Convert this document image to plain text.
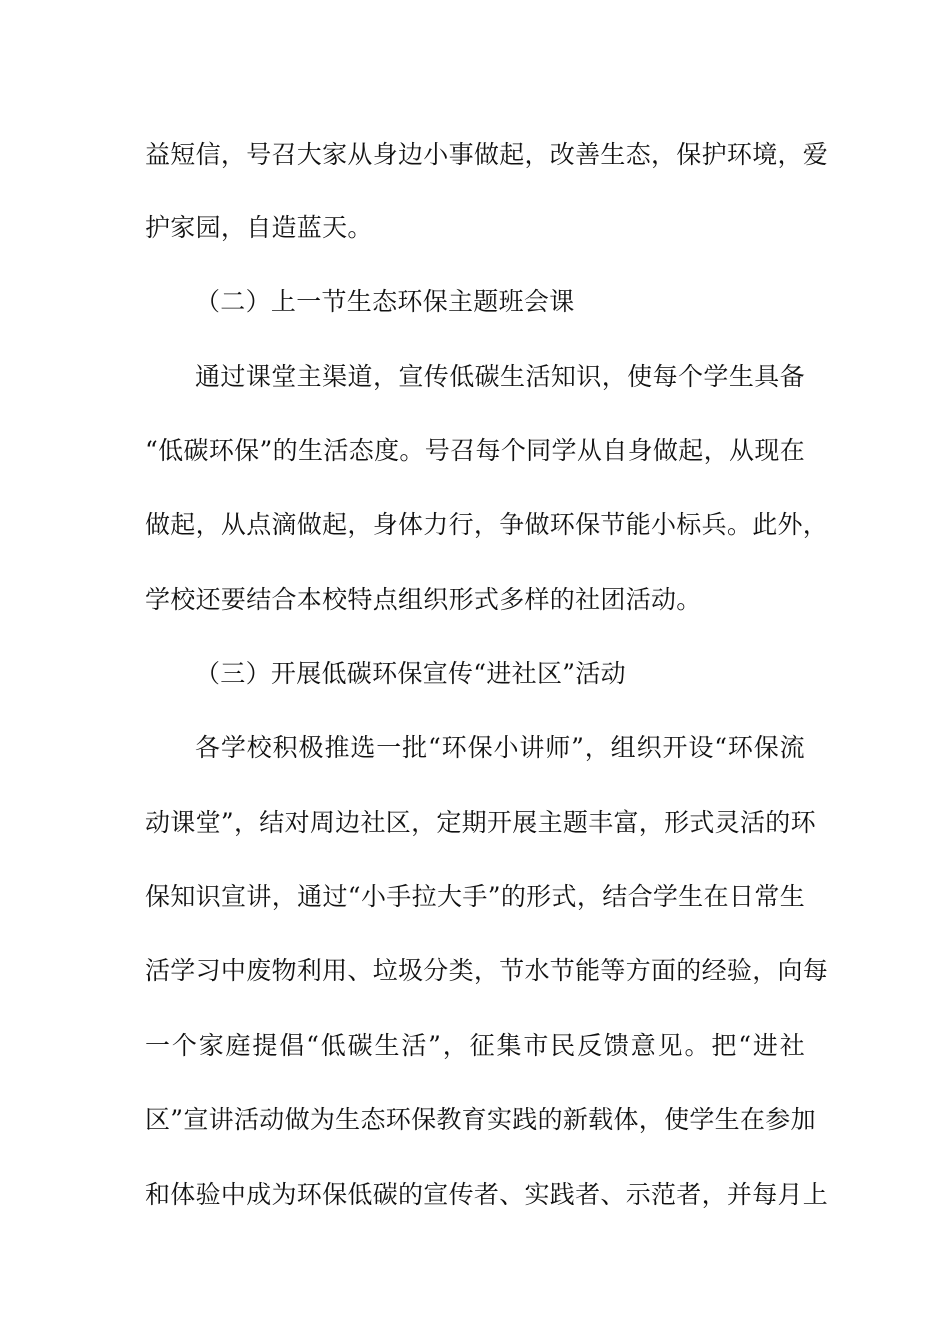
益短信，号召大家从身边小事做起，改善生态，保护环境，爱
护家园，自造蓝天。
（二）上一节生态环保主题班会课
通过课堂主渠道，宣传低碳生活知识，使每个学生具备
“低碳环保”的生活态度。号召每个同学从自身做起，从现在
做起，从点滴做起，身体力行，争做环保节能小标兵。此外，
学校还要结合本校特点组织形式多样的社团活动。
（三）开展低碳环保宣传“进社区”活动
各学校积极推选一批“环保小讲师”，组织开设“环保流
动课堂”，结对周边社区，定期开展主题丰富，形式灵活的环
保知识宣讲，通过“小手拉大手”的形式，结合学生在日常生
活学习中废物利用、垃圾分类，节水节能等方面的经验，向每
一个家庭提倡“低碳生活”，征集市民反馈意见。把“进社
区”宣讲活动做为生态环保教育实践的新载体，使学生在参加
和体验中成为环保低碳的宣传者、实践者、示范者，并每月上
